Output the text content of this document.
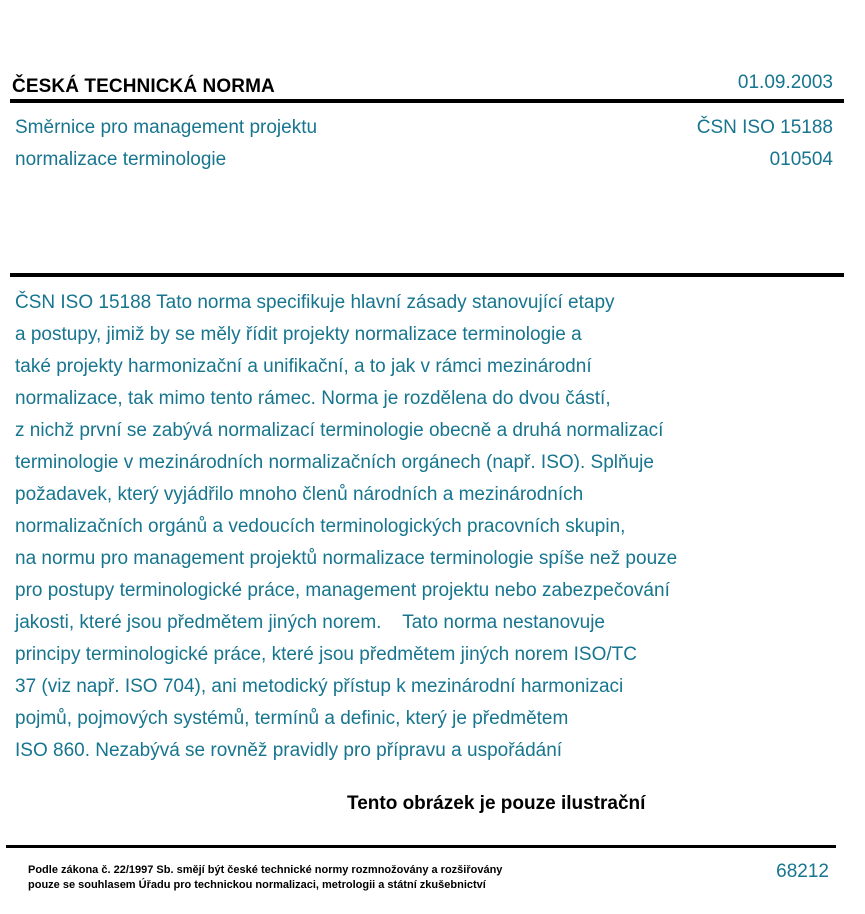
ČESKÁ TECHNICKÁ NORMA	01.09.2003
Směrnice pro management projektu
normalizace terminologie
ČSN ISO 15188
010504
ČSN ISO 15188 Tato norma specifikuje hlavní zásady stanovující etapy
a postupy, jimiž by se měly řídit projekty normalizace terminologie a
také projekty harmonizační a unifikační, a to jak v rámci mezinárodní
normalizace, tak mimo tento rámec. Norma je rozdělena do dvou částí,
z nichž první se zabývá normalizací terminologie obecně a druhá normalizací
terminologie v mezinárodních normalizačních orgánech (např. ISO). Splňuje
požadavek, který vyjádřilo mnoho členů národních a mezinárodních
normalizačních orgánů a vedoucích terminologických pracovních skupin,
na normu pro management projektů normalizace terminologie spíše než pouze
pro postupy terminologické práce, management projektu nebo zabezpečování
jakosti, které jsou předmětem jiných norem.    Tato norma nestanovuje
principy terminologické práce, které jsou předmětem jiných norem ISO/TC
37 (viz např. ISO 704), ani metodický přístup k mezinárodní harmonizaci
pojmů, pojmových systémů, termínů a definic, který je předmětem
ISO 860. Nezabývá se rovněž pravidly pro přípravu a uspořádání
Tento obrázek je pouze ilustrační
Podle zákona č. 22/1997 Sb. smějí být české technické normy rozmnožovány a rozšiřovány
pouze se souhlasem Úřadu pro technickou normalizaci, metrologii a státní zkušebnictví
68212
